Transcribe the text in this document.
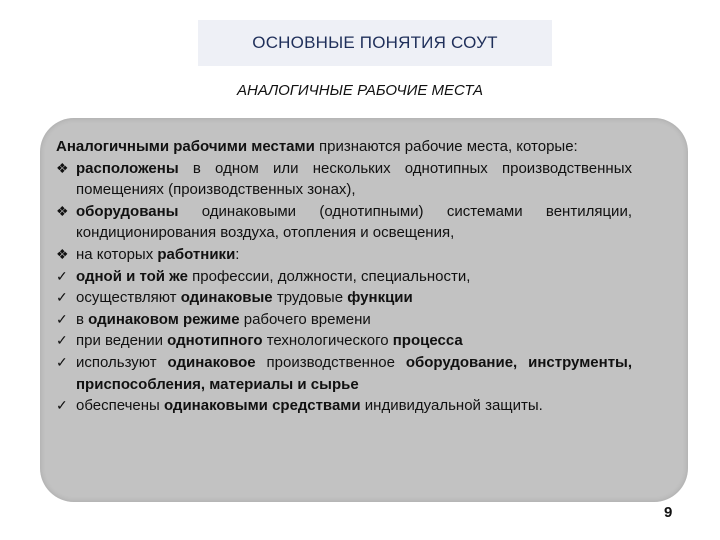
ОСНОВНЫЕ ПОНЯТИЯ СОУТ
АНАЛОГИЧНЫЕ РАБОЧИЕ МЕСТА
Аналогичными рабочими местами признаются рабочие места, которые:
❖ расположены в одном или нескольких однотипных производственных помещениях (производственных зонах),
❖ оборудованы одинаковыми (однотипными) системами вентиляции, кондиционирования воздуха, отопления и освещения,
❖ на которых работники:
✓ одной и той же профессии, должности, специальности,
✓ осуществляют одинаковые трудовые функции
✓ в одинаковом режиме рабочего времени
✓ при ведении однотипного технологического процесса
✓ используют одинаковое производственное оборудование, инструменты, приспособления, материалы и сырье
✓ обеспечены одинаковыми средствами индивидуальной защиты.
9
